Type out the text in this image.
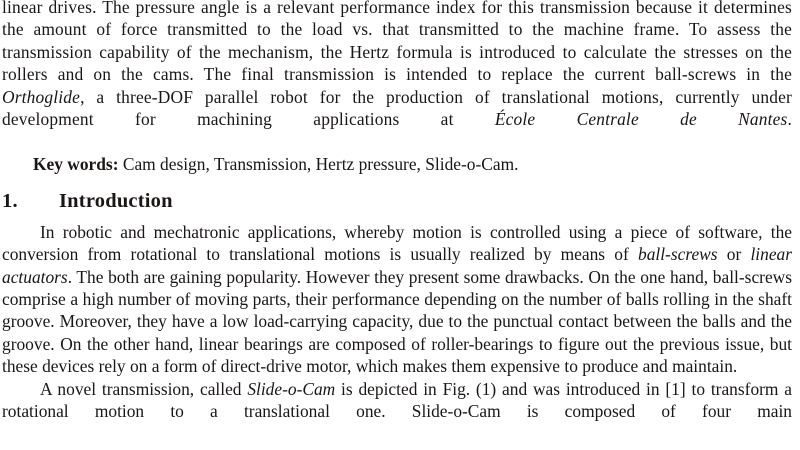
linear drives. The pressure angle is a relevant performance index for this transmission because it determines the amount of force transmitted to the load vs. that transmitted to the machine frame. To assess the transmission capability of the mechanism, the Hertz formula is introduced to calculate the stresses on the rollers and on the cams. The final transmission is intended to replace the current ball-screws in the Orthoglide, a three-DOF parallel robot for the production of translational motions, currently under development for machining applications at École Centrale de Nantes.

Key words: Cam design, Transmission, Hertz pressure, Slide-o-Cam.

1. Introduction

In robotic and mechatronic applications, whereby motion is controlled using a piece of software, the conversion from rotational to translational motions is usually realized by means of ball-screws or linear actuators. The both are gaining popularity. However they present some drawbacks. On the one hand, ball-screws comprise a high number of moving parts, their performance depending on the number of balls rolling in the shaft groove. Moreover, they have a low load-carrying capacity, due to the punctual contact between the balls and the groove. On the other hand, linear bearings are composed of roller-bearings to figure out the previous issue, but these devices rely on a form of direct-drive motor, which makes them expensive to produce and maintain.

A novel transmission, called Slide-o-Cam is depicted in Fig. (1) and was introduced in [1] to transform a rotational motion to a translational one. Slide-o-Cam is composed of four main
